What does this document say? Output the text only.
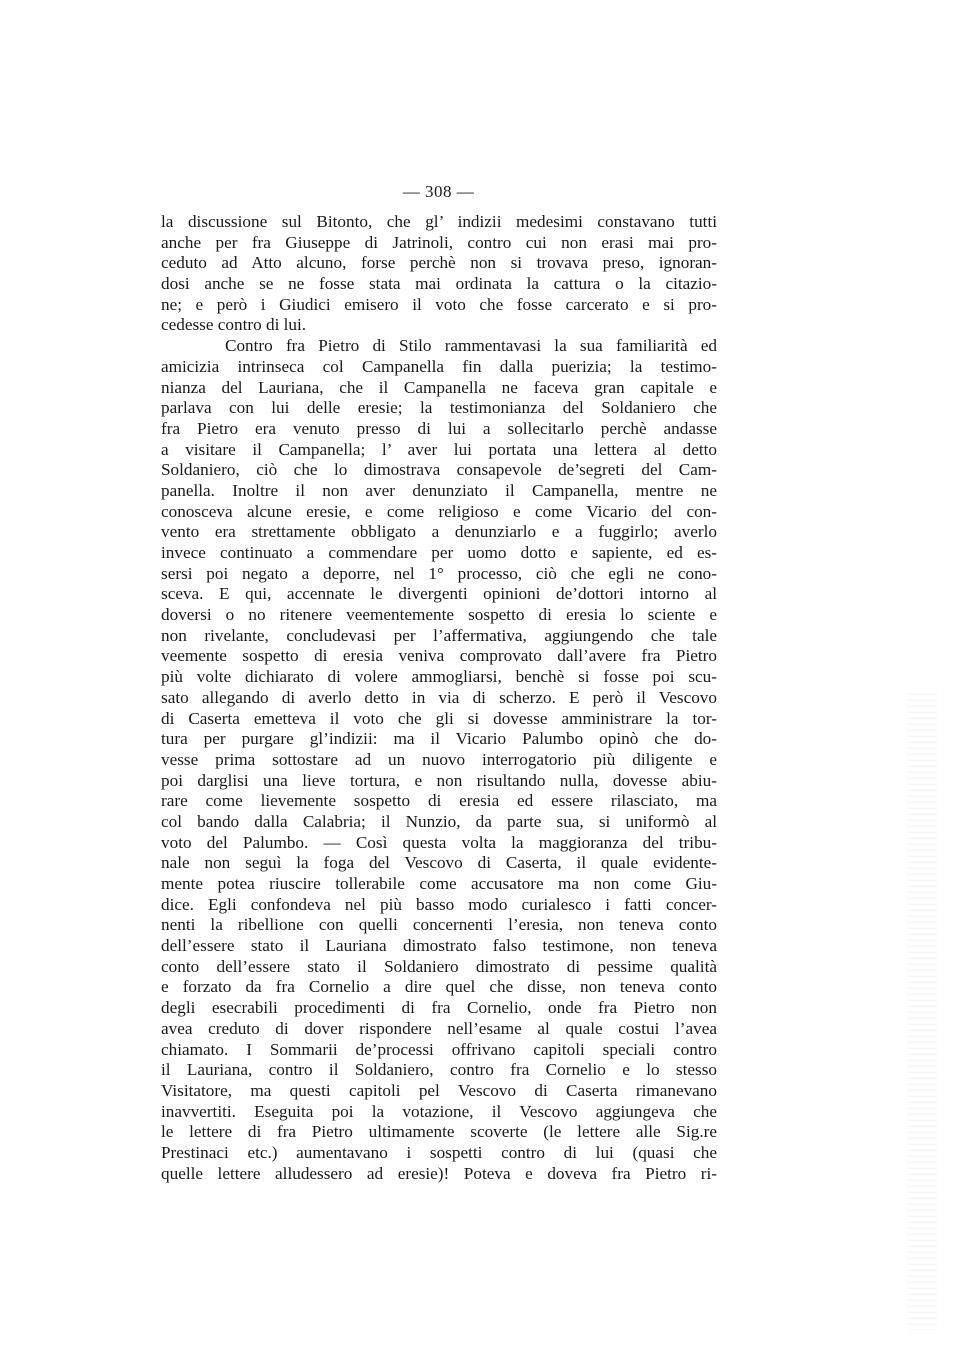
— 308 —
la discussione sul Bitonto, che gl’ indizii medesimi constavano tutti
anche per fra Giuseppe di Jatrinoli, contro cui non erasi mai pro-
ceduto ad Atto alcuno, forse perchè non si trovava preso, ignoran-
dosi anche se ne fosse stata mai ordinata la cattura o la citazio-
ne; e però i Giudici emisero il voto che fosse carcerato e si pro-
cedesse contro di lui.
Contro fra Pietro di Stilo rammentavasi la sua familiarità ed
amicizia intrinseca col Campanella fin dalla puerizia; la testimo-
nianza del Lauriana, che il Campanella ne faceva gran capitale e
parlava con lui delle eresie; la testimonianza del Soldaniero che
fra Pietro era venuto presso di lui a sollecitarlo perchè andasse
a visitare il Campanella; l’ aver lui portata una lettera al detto
Soldaniero, ciò che lo dimostrava consapevole de’segreti del Cam-
panella. Inoltre il non aver denunziato il Campanella, mentre ne
conosceva alcune eresie, e come religioso e come Vicario del con-
vento era strettamente obbligato a denunziarlo e a fuggirlo; averlo
invece continuato a commendare per uomo dotto e sapiente, ed es-
sersi poi negato a deporre, nel 1° processo, ciò che egli ne cono-
sceva. E qui, accennate le divergenti opinioni de’dottori intorno al
doversi o no ritenere veementemente sospetto di eresia lo sciente e
non rivelante, concludevasi per l’affermativa, aggiungendo che tale
veemente sospetto di eresia veniva comprovato dall’avere fra Pietro
più volte dichiarato di volere ammogliarsi, benchè si fosse poi scu-
sato allegando di averlo detto in via di scherzo. E però il Vescovo
di Caserta emetteva il voto che gli si dovesse amministrare la tor-
tura per purgare gl’indizii: ma il Vicario Palumbo opinò che do-
vesse prima sottostare ad un nuovo interrogatorio più diligente e
poi darglisi una lieve tortura, e non risultando nulla, dovesse abiu-
rare come lievemente sospetto di eresia ed essere rilasciato, ma
col bando dalla Calabria; il Nunzio, da parte sua, si uniformò al
voto del Palumbo. — Così questa volta la maggioranza del tribu-
nale non seguì la foga del Vescovo di Caserta, il quale evidente-
mente potea riuscire tollerabile come accusatore ma non come Giu-
dice. Egli confondeva nel più basso modo curialesco i fatti concer-
nenti la ribellione con quelli concernenti l’eresia, non teneva conto
dell’essere stato il Lauriana dimostrato falso testimone, non teneva
conto dell’essere stato il Soldaniero dimostrato di pessime qualità
e forzato da fra Cornelio a dire quel che disse, non teneva conto
degli esecrabili procedimenti di fra Cornelio, onde fra Pietro non
avea creduto di dover rispondere nell’esame al quale costui l’avea
chiamato. I Sommarii de’processi offrivano capitoli speciali contro
il Lauriana, contro il Soldaniero, contro fra Cornelio e lo stesso
Visitatore, ma questi capitoli pel Vescovo di Caserta rimanevano
inavvertiti. Eseguita poi la votazione, il Vescovo aggiungeva che
le lettere di fra Pietro ultimamente scoverte (le lettere alle Sig.re
Prestinaci etc.) aumentavano i sospetti contro di lui (quasi che
quelle lettere alludessero ad eresie)! Poteva e doveva fra Pietro ri-
